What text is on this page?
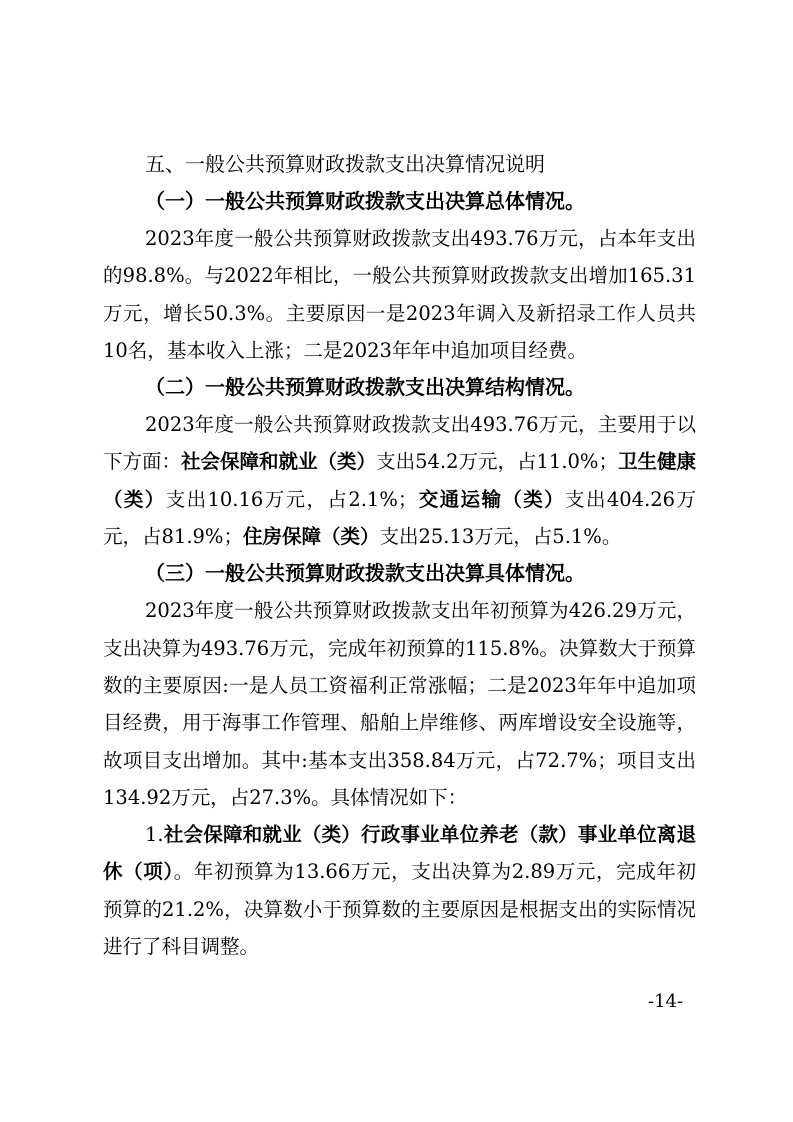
五、一般公共预算财政拨款支出决算情况说明

（一）一般公共预算财政拨款支出决算总体情况。

2023年度一般公共预算财政拨款支出493.76万元，占本年支出的98.8%。与2022年相比，一般公共预算财政拨款支出增加165.31万元，增长50.3%。主要原因一是2023年调入及新招录工作人员共10名，基本收入上涨；二是2023年年中追加项目经费。

（二）一般公共预算财政拨款支出决算结构情况。

2023年度一般公共预算财政拨款支出493.76万元，主要用于以下方面：社会保障和就业（类）支出54.2万元，占11.0%；卫生健康（类）支出10.16万元，占2.1%；交通运输（类）支出404.26万元，占81.9%；住房保障（类）支出25.13万元，占5.1%。

（三）一般公共预算财政拨款支出决算具体情况。

2023年度一般公共预算财政拨款支出年初预算为426.29万元，支出决算为493.76万元，完成年初预算的115.8%。决算数大于预算数的主要原因:一是人员工资福利正常涨幅；二是2023年年中追加项目经费，用于海事工作管理、船舶上岸维修、两库增设安全设施等，故项目支出增加。其中:基本支出358.84万元，占72.7%；项目支出134.92万元，占27.3%。具体情况如下：

1.社会保障和就业（类）行政事业单位养老（款）事业单位离退休（项）。年初预算为13.66万元，支出决算为2.89万元，完成年初预算的21.2%，决算数小于预算数的主要原因是根据支出的实际情况进行了科目调整。

-14-
